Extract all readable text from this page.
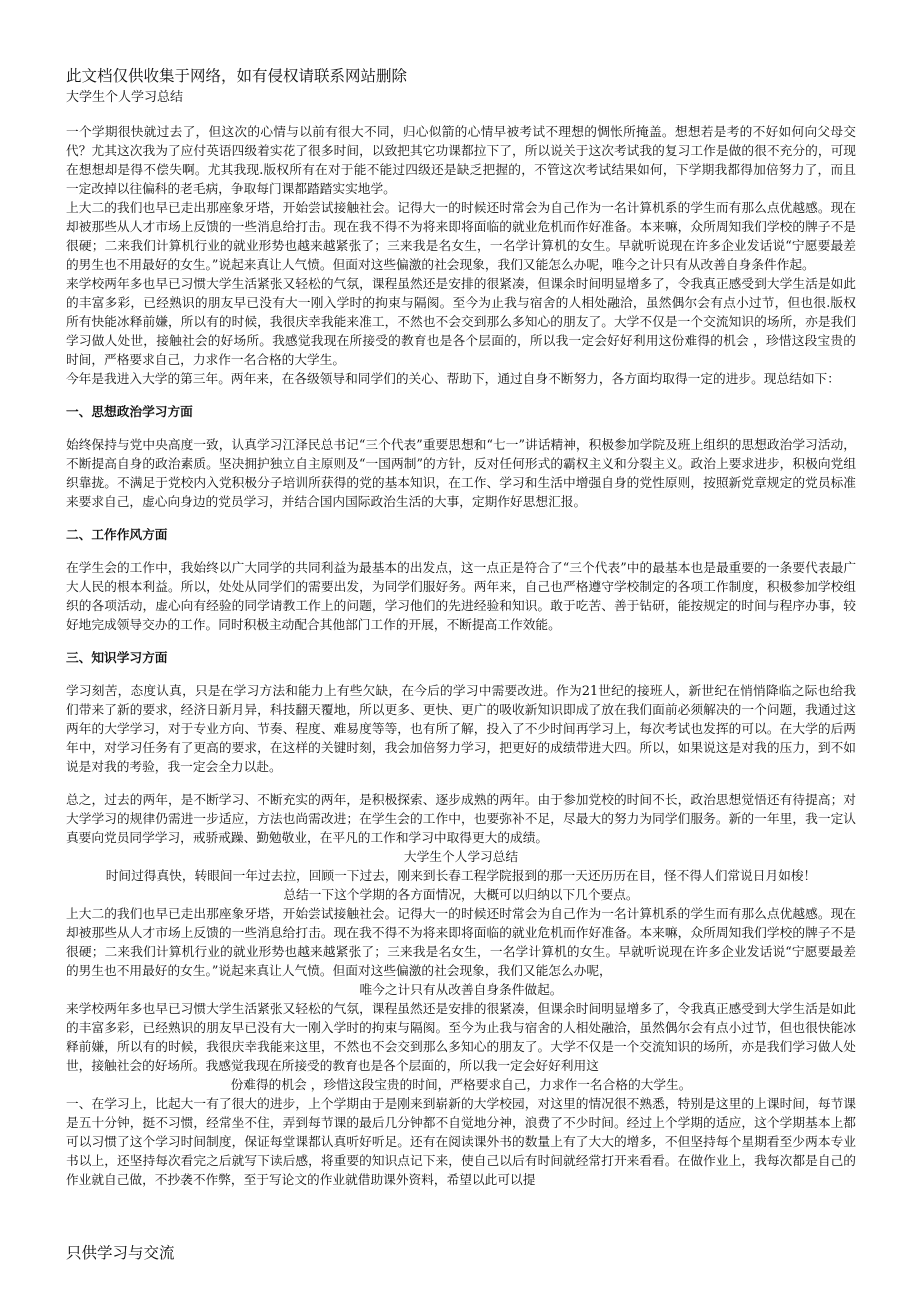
此文档仅供收集于网络，如有侵权请联系网站删除
大学生个人学习总结

一个学期很快就过去了，但这次的心情与以前有很大不同，归心似箭的心情早被考试不理想的惆怅所掩盖。想想若是考的不好如何向父母交代？尤其这次我为了应付英语四级着实花了很多时间，以致把其它功课都拉下了，所以说关于这次考试我的复习工作是做的很不充分的，可现在想想却是得不偿失啊。尤其我现.版权所有在对于能不能过四级还是缺乏把握的，不管这次考试结果如何，下学期我都得加倍努力了，而且一定改掉以往偏科的老毛病，争取每门课都踏踏实实地学。

上大二的我们也早已走出那座象牙塔，开始尝试接触社会。记得大一的时候还时常会为自己作为一名计算机系的学生而有那么点优越感。现在却被那些从人才市场上反馈的一些消息给打击。现在我不得不为将来即将面临的就业危机而作好准备。本来嘛，众所周知我们学校的牌子不是很硬；二来我们计算机行业的就业形势也越来越紧张了；三来我是名女生，一名学计算机的女生。早就听说现在许多企业发话说“宁愿要最差的男生也不用最好的女生。”说起来真让人气愤。但面对这些偏激的社会现象，我们又能怎么办呢，唯今之计只有从改善自身条件作起。

来学校两年多也早已习惯大学生活紧张又轻松的气氛，课程虽然还是安排的很紧凑，但课余时间明显增多了，令我真正感受到大学生活是如此的丰富多彩，已经熟识的朋友早已没有大一刚入学时的拘束与隔阂。至今为止我与宿舍的人相处融洽，虽然偶尔会有点小过节，但也很.版权所有快能冰释前嫌，所以有的时候，我很庆幸我能来准工，不然也不会交到那么多知心的朋友了。大学不仅是一个交流知识的场所，亦是我们学习做人处世，接触社会的好场所。我感觉我现在所接受的教育也是各个层面的，所以我一定会好好利用这份难得的机会 ，珍惜这段宝贵的时间，严格要求自己，力求作一名合格的大学生。

今年是我进入大学的第三年。两年来，在各级领导和同学们的关心、帮助下，通过自身不断努力，各方面均取得一定的进步。现总结如下：

一、思想政治学习方面

始终保持与党中央高度一致，认真学习江泽民总书记“三个代表”重要思想和“七一”讲话精神，积极参加学院及班上组织的思想政治学习活动，不断提高自身的政治素质。坚决拥护独立自主原则及“一国两制”的方针，反对任何形式的霸权主义和分裂主义。政治上要求进步，积极向党组织靠拢。不满足于党校内入党积极分子培训所获得的党的基本知识，在工作、学习和生活中增强自身的党性原则，按照新党章规定的党员标准来要求自己，虚心向身边的党员学习，并结合国内国际政治生活的大事，定期作好思想汇报。

二、工作作风方面

在学生会的工作中，我始终以广大同学的共同利益为最基本的出发点，这一点正是符合了“三个代表”中的最基本也是最重要的一条要代表最广大人民的根本利益。所以，处处从同学们的需要出发，为同学们服好务。两年来，自己也严格遵守学校制定的各项工作制度，积极参加学校组织的各项活动，虚心向有经验的同学请教工作上的问题，学习他们的先进经验和知识。敢于吃苦、善于钻研，能按规定的时间与程序办事，较好地完成领导交办的工作。同时积极主动配合其他部门工作的开展，不断提高工作效能。

三、知识学习方面

学习刻苦，态度认真，只是在学习方法和能力上有些欠缺，在今后的学习中需要改进。作为21世纪的接班人，新世纪在悄悄降临之际也给我们带来了新的要求，经济日新月异，科技翻天覆地，所以更多、更快、更广的吸收新知识即成了放在我们面前必须解决的一个问题，我通过这两年的大学学习，对于专业方向、节奏、程度、难易度等等，也有所了解，投入了不少时间再学习上，每次考试也发挥的可以。在大学的后两年中，对学习任务有了更高的要求，在这样的关键时刻，我会加倍努力学习，把更好的成绩带进大四。所以，如果说这是对我的压力，到不如说是对我的考验，我一定会全力以赴。

总之，过去的两年，是不断学习、不断充实的两年，是积极探索、逐步成熟的两年。由于参加党校的时间不长，政治思想觉悟还有待提高；对大学学习的规律仍需进一步适应，方法也尚需改进；在学生会的工作中，也要弥补不足，尽最大的努力为同学们服务。新的一年里，我一定认真要向党员同学学习，戒骄戒躁、勤勉敬业，在平凡的工作和学习中取得更大的成绩。

大学生个人学习总结

时间过得真快，转眼间一年过去拉，回顾一下过去，刚来到长春工程学院报到的那一天还历历在目，怪不得人们常说日月如梭！

总结一下这个学期的各方面情况，大概可以归纳以下几个要点。

上大二的我们也早已走出那座象牙塔，开始尝试接触社会。记得大一的时候还时常会为自己作为一名计算机系的学生而有那么点优越感。现在却被那些从人才市场上反馈的一些消息给打击。现在我不得不为将来即将面临的就业危机而作好准备。本来嘛，众所周知我们学校的牌子不是很硬；二来我们计算机行业的就业形势也越来越紧张了；三来我是名女生，一名学计算机的女生。早就听说现在许多企业发话说“宁愿要最差的男生也不用最好的女生。”说起来真让人气愤。但面对这些偏激的社会现象，我们又能怎么办呢，

唯今之计只有从改善自身条件做起。

来学校两年多也早已习惯大学生活紧张又轻松的气氛，课程虽然还是安排的很紧凑，但课余时间明显增多了，令我真正感受到大学生活是如此的丰富多彩，已经熟识的朋友早已没有大一刚入学时的拘束与隔阂。至今为止我与宿舍的人相处融洽，虽然偶尔会有点小过节，但也很快能冰释前嫌，所以有的时候，我很庆幸我能来这里，不然也不会交到那么多知心的朋友了。大学不仅是一个交流知识的场所，亦是我们学习做人处世，接触社会的好场所。我感觉我现在所接受的教育也是各个层面的，所以我一定会好好利用这

份难得的机会 ，珍惜这段宝贵的时间，严格要求自己，力求作一名合格的大学生。

一、在学习上，比起大一有了很大的进步，上个学期由于是刚来到崭新的大学校园，对这里的情况很不熟悉，特别是这里的上课时间，每节课是五十分钟，挺不习惯，经常坐不住，弄到每节课的最后几分钟都不自觉地分神，浪费了不少时间。经过上个学期的适应，这个学期基本上都可以习惯了这个学习时间制度，保证每堂课都认真听好听足。还有在阅读课外书的数量上有了大大的增多，不但坚持每个星期看至少两本专业书以上，还坚持每次看完之后就写下读后感，将重要的知识点记下来，使自己以后有时间就经常打开来看看。在做作业上，我每次都是自己的作业就自己做，不抄袭不作弊，至于写论文的作业就借助课外资料，希望以此可以提

只供学习与交流
